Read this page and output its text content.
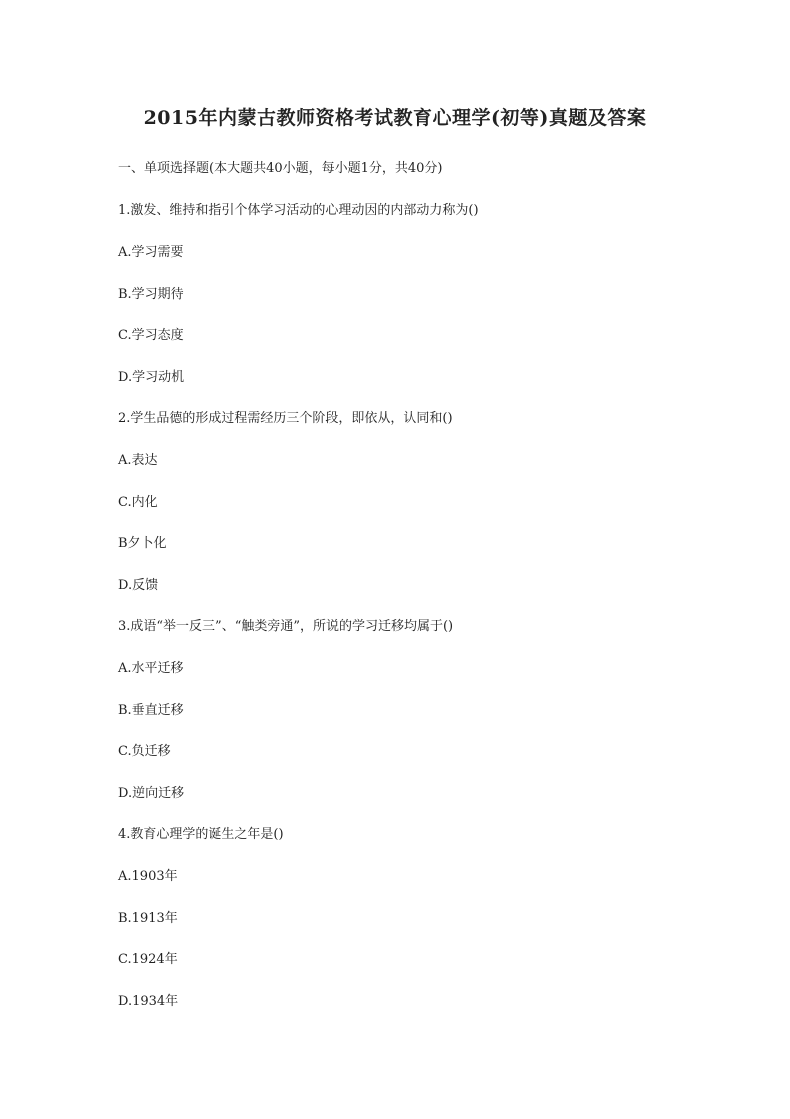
2015年内蒙古教师资格考试教育心理学(初等)真题及答案
一、单项选择题(本大题共40小题，每小题1分，共40分)
1.激发、维持和指引个体学习活动的心理动因的内部动力称为()
A.学习需要
B.学习期待
C.学习态度
D.学习动机
2.学生品德的形成过程需经历三个阶段，即依从，认同和()
A.表达
C.内化
B夕卜化
D.反馈
3.成语“举一反三”、“触类旁通”，所说的学习迁移均属于()
A.水平迁移
B.垂直迁移
C.负迁移
D.逆向迁移
4.教育心理学的诞生之年是()
A.1903年
B.1913年
C.1924年
D.1934年
